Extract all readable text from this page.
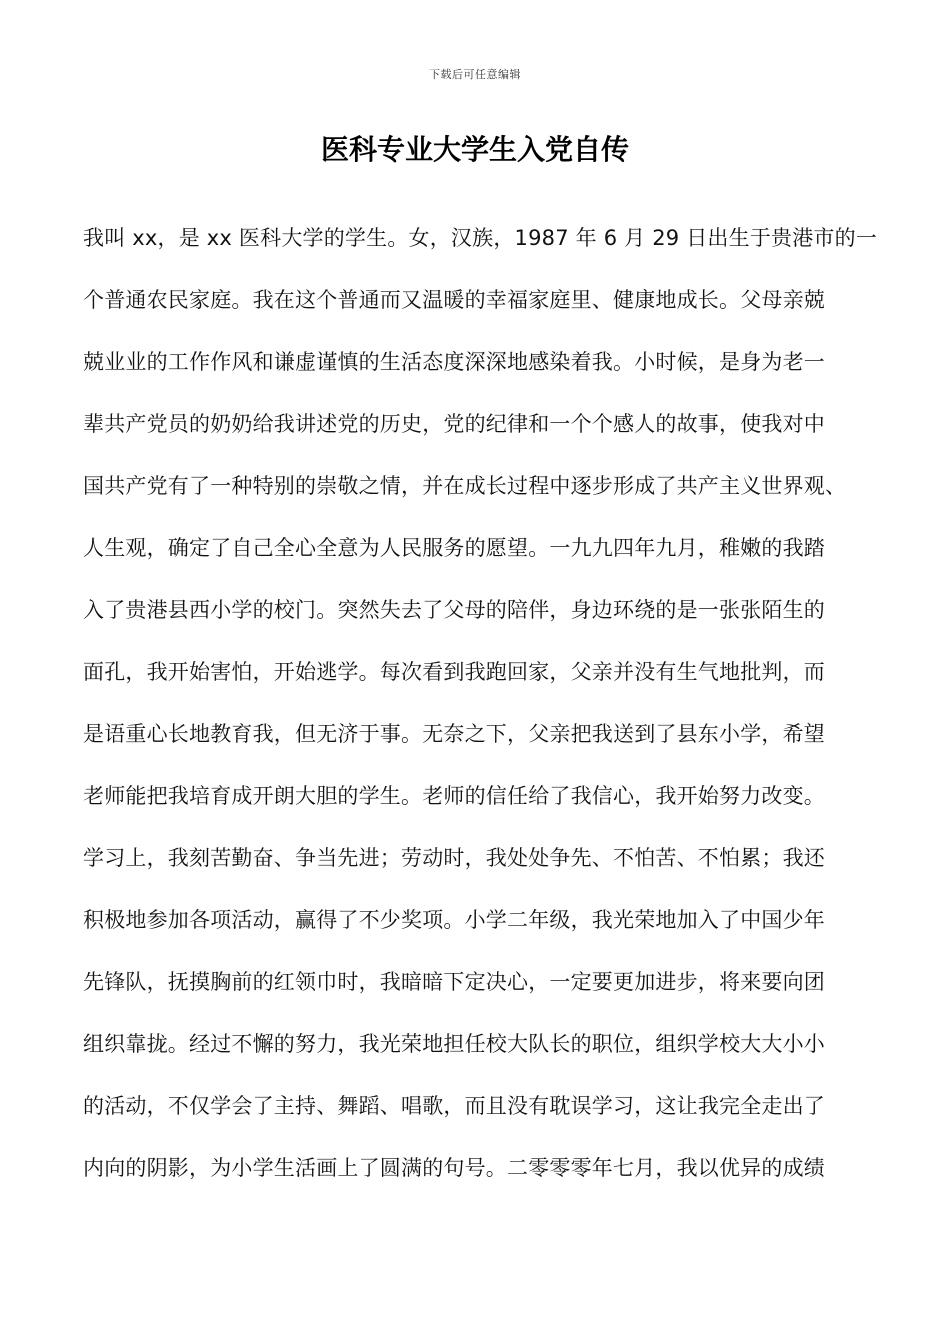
下载后可任意编辑
医科专业大学生入党自传
我叫 xx，是 xx 医科大学的学生。女，汉族，1987 年 6 月 29 日出生于贵港市的一
个普通农民家庭。我在这个普通而又温暖的幸福家庭里、健康地成长。父母亲兢
兢业业的工作作风和谦虚谨慎的生活态度深深地感染着我。小时候，是身为老一
辈共产党员的奶奶给我讲述党的历史，党的纪律和一个个感人的故事，使我对中
国共产党有了一种特别的崇敬之情，并在成长过程中逐步形成了共产主义世界观、
人生观，确定了自己全心全意为人民服务的愿望。一九九四年九月，稚嫩的我踏
入了贵港县西小学的校门。突然失去了父母的陪伴，身边环绕的是一张张陌生的
面孔，我开始害怕，开始逃学。每次看到我跑回家，父亲并没有生气地批判，而
是语重心长地教育我，但无济于事。无奈之下，父亲把我送到了县东小学，希望
老师能把我培育成开朗大胆的学生。老师的信任给了我信心，我开始努力改变。
学习上，我刻苦勤奋、争当先进；劳动时，我处处争先、不怕苦、不怕累；我还
积极地参加各项活动，赢得了不少奖项。小学二年级，我光荣地加入了中国少年
先锋队，抚摸胸前的红领巾时，我暗暗下定决心，一定要更加进步，将来要向团
组织靠拢。经过不懈的努力，我光荣地担任校大队长的职位，组织学校大大小小
的活动，不仅学会了主持、舞蹈、唱歌，而且没有耽误学习，这让我完全走出了
内向的阴影，为小学生活画上了圆满的句号。二零零零年七月，我以优异的成绩
